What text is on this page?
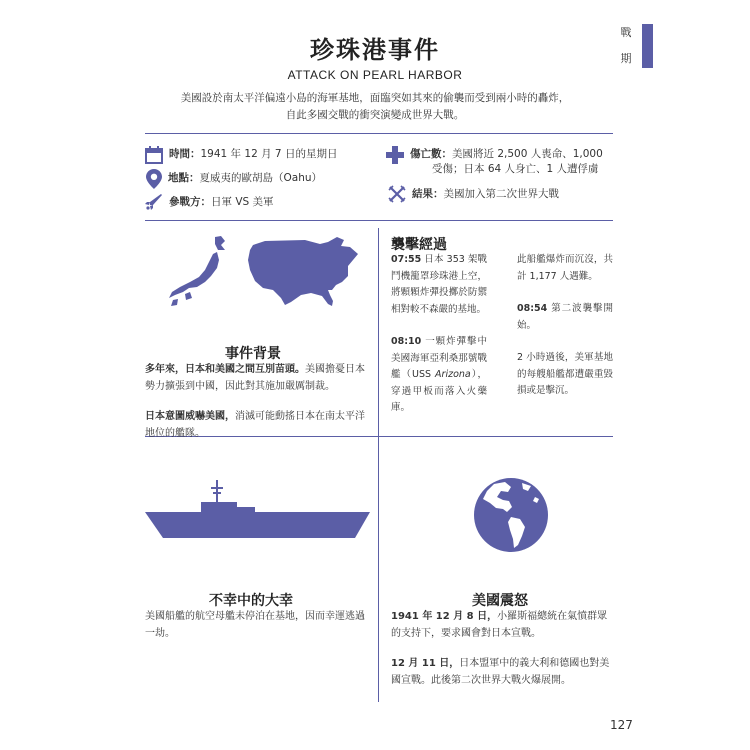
戰
期
珍珠港事件
ATTACK ON PEARL HARBOR
美國設於南太平洋偏遠小島的海軍基地，面臨突如其來的偷襲而受到兩小時的轟炸，
自此多國交戰的衝突演變成世界大戰。
時間：1941 年 12 月 7 日的星期日
地點：夏威夷的歐胡島（Oahu）
參戰方：日軍 VS 美軍
傷亡數：美國將近 2,500 人喪命、1,000
受傷；日本 64 人身亡、1 人遭俘虜
結果：美國加入第二次世界大戰
事件背景
多年來，日本和美國之間互別苗頭。美國擔憂日本勢力擴張到中國，因此對其施加嚴厲制裁。
日本意圖威嚇美國，消滅可能動搖日本在南太平洋地位的艦隊。
襲擊經過
07:55 日本 353 架戰鬥機籠罩珍珠港上空，將顆顆炸彈投擲於防禦相對較不森嚴的基地。
08:10 一顆炸彈擊中美國海軍亞利桑那號戰艦（USS Arizona），穿過甲板而落入火藥庫。
此船艦爆炸而沉沒，共計 1,177 人遇難。
08:54 第二波襲擊開始。
2 小時過後，美軍基地的每艘船艦都遭嚴重毀損或是擊沉。
不幸中的大幸
美國船艦的航空母艦未停泊在基地，因而幸運逃過一劫。
美國震怒
1941 年 12 月 8 日，小羅斯福總統在氣憤群眾的支持下，要求國會對日本宣戰。
12 月 11 日，日本盟軍中的義大利和德國也對美國宣戰。此後第二次世界大戰火爆展開。
127
